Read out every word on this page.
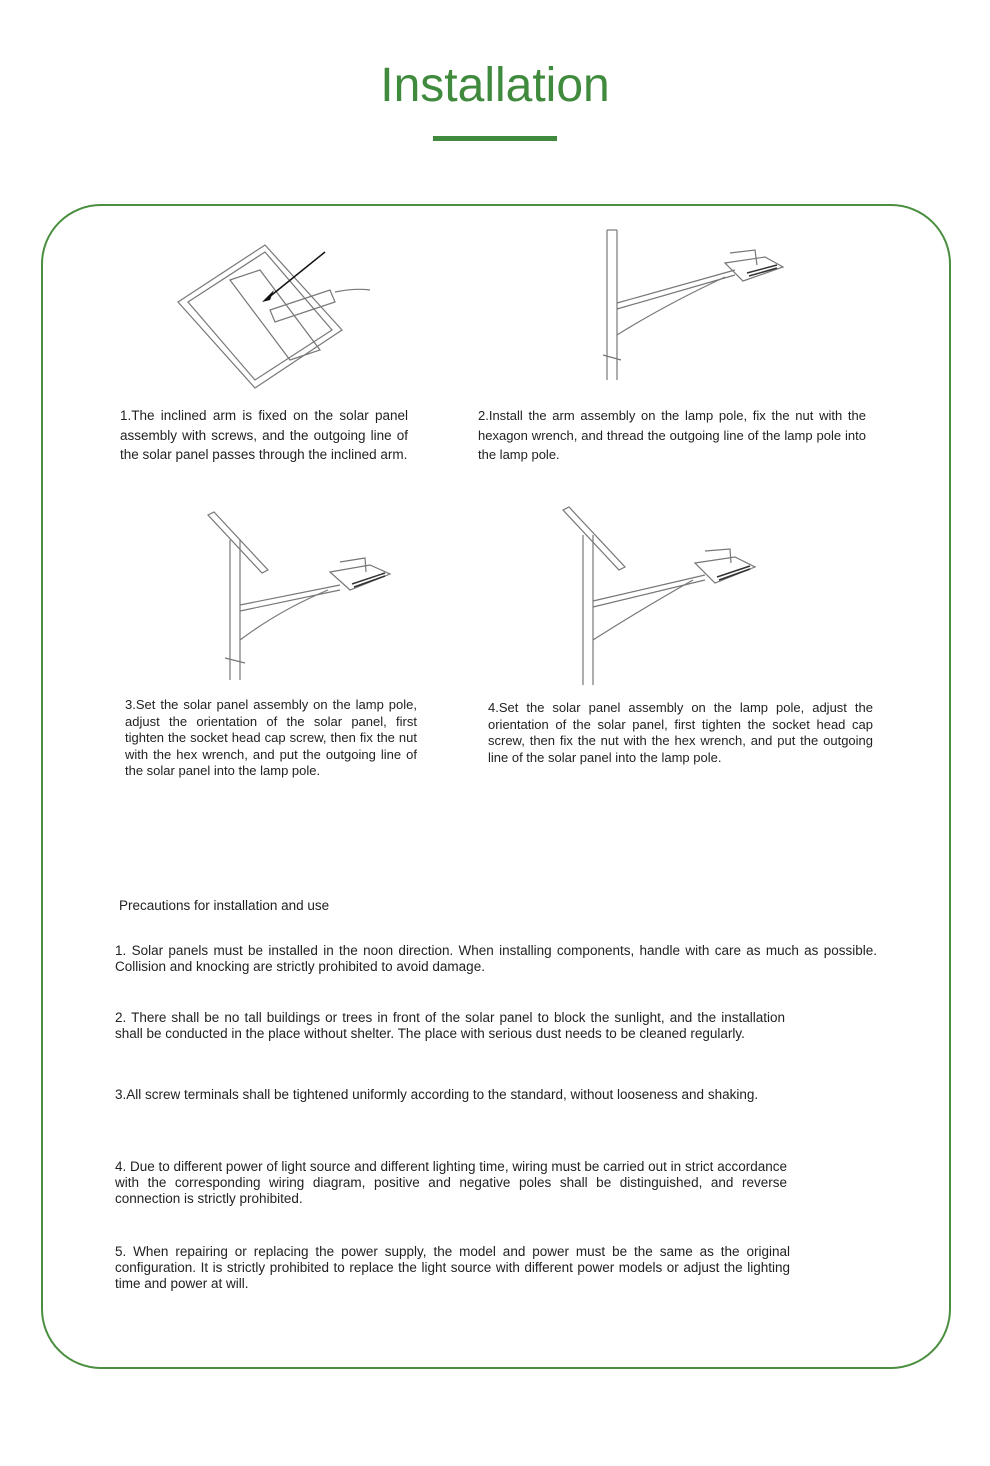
Installation
1.The inclined arm is fixed on the solar panel assembly with screws, and the outgoing line of the solar panel passes through the inclined arm.
2.Install the arm assembly on the lamp pole, fix the nut with the hexagon wrench, and thread the outgoing line of the lamp pole into the lamp pole.
3.Set the solar panel assembly on the lamp pole, adjust the orientation of the solar panel, first tighten the socket head cap screw, then fix the nut with the hex wrench, and put the outgoing line of the solar panel into the lamp pole.
4.Set the solar panel assembly on the lamp pole, adjust the orientation of the solar panel, first tighten the socket head cap screw, then fix the nut with the hex wrench, and put the outgoing line of the solar panel into the lamp pole.
Precautions for installation and use
1. Solar panels must be installed in the noon direction. When installing components, handle with care as much as possible. Collision and knocking are strictly prohibited to avoid damage.
2. There shall be no tall buildings or trees in front of the solar panel to block the sunlight, and the installation shall be conducted in the place without shelter. The place with serious dust needs to be cleaned regularly.
3.All screw terminals shall be tightened uniformly according to the standard, without looseness and shaking.
4. Due to different power of light source and different lighting time, wiring must be carried out in strict accordance with the corresponding wiring diagram, positive and negative poles shall be distinguished, and reverse connection is strictly prohibited.
5. When repairing or replacing the power supply, the model and power must be the same as the original configuration. It is strictly prohibited to replace the light source with different power models or adjust the lighting time and power at will.
